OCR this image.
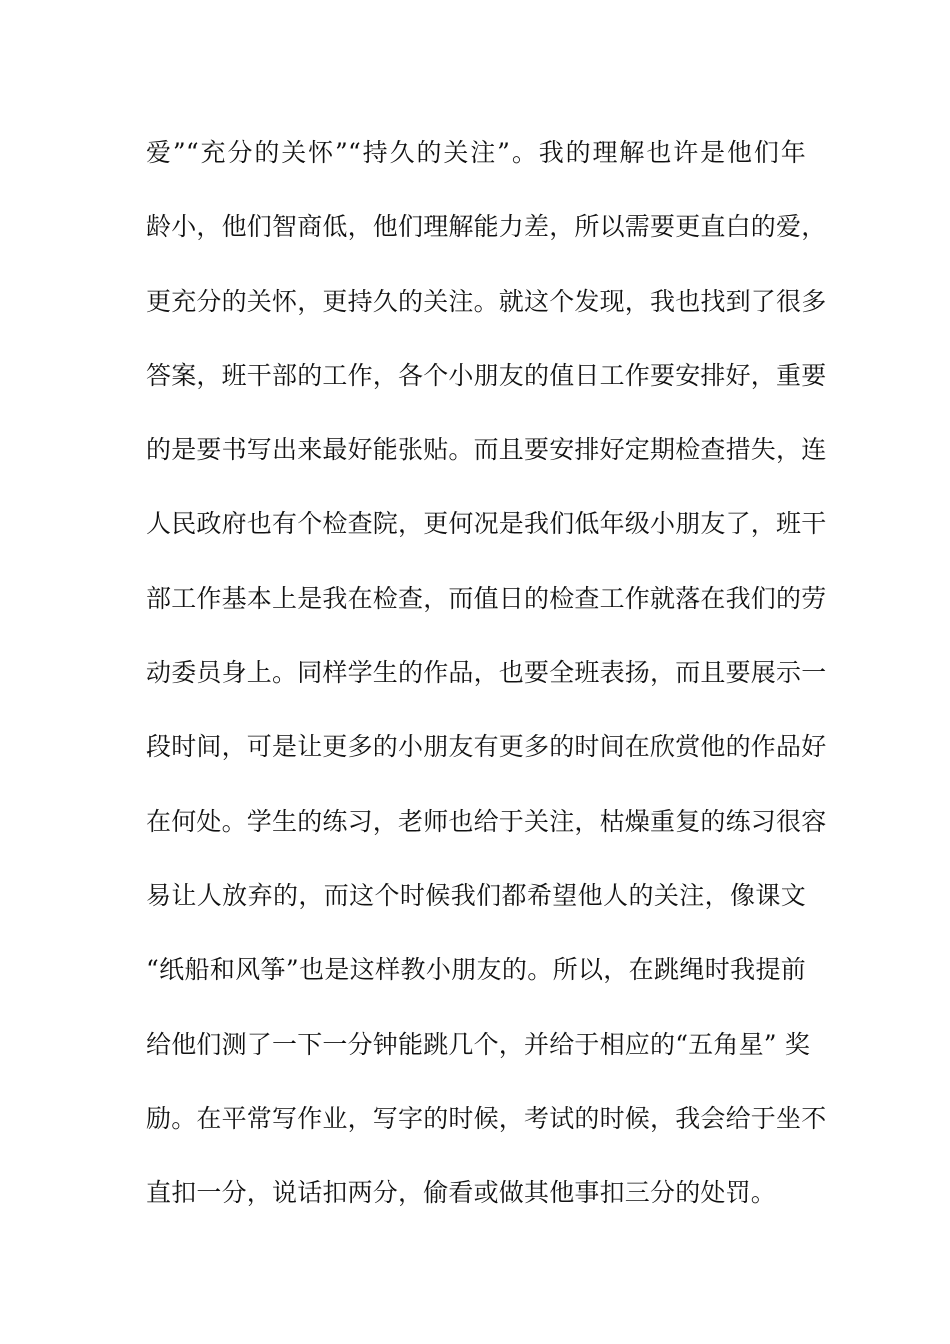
爱”“充分的关怀”“持久的关注”。我的理解也许是他们年
龄小，他们智商低，他们理解能力差，所以需要更直白的爱，
更充分的关怀，更持久的关注。就这个发现，我也找到了很多
答案，班干部的工作，各个小朋友的值日工作要安排好，重要
的是要书写出来最好能张贴。而且要安排好定期检查措失，连
人民政府也有个检查院，更何况是我们低年级小朋友了，班干
部工作基本上是我在检查，而值日的检查工作就落在我们的劳
动委员身上。同样学生的作品，也要全班表扬，而且要展示一
段时间，可是让更多的小朋友有更多的时间在欣赏他的作品好
在何处。学生的练习，老师也给于关注，枯燥重复的练习很容
易让人放弃的，而这个时候我们都希望他人的关注，像课文
“纸船和风筝”也是这样教小朋友的。所以，在跳绳时我提前
给他们测了一下一分钟能跳几个，并给于相应的“五角星” 奖
励。在平常写作业，写字的时候，考试的时候，我会给于坐不
直扣一分，说话扣两分，偷看或做其他事扣三分的处罚。
